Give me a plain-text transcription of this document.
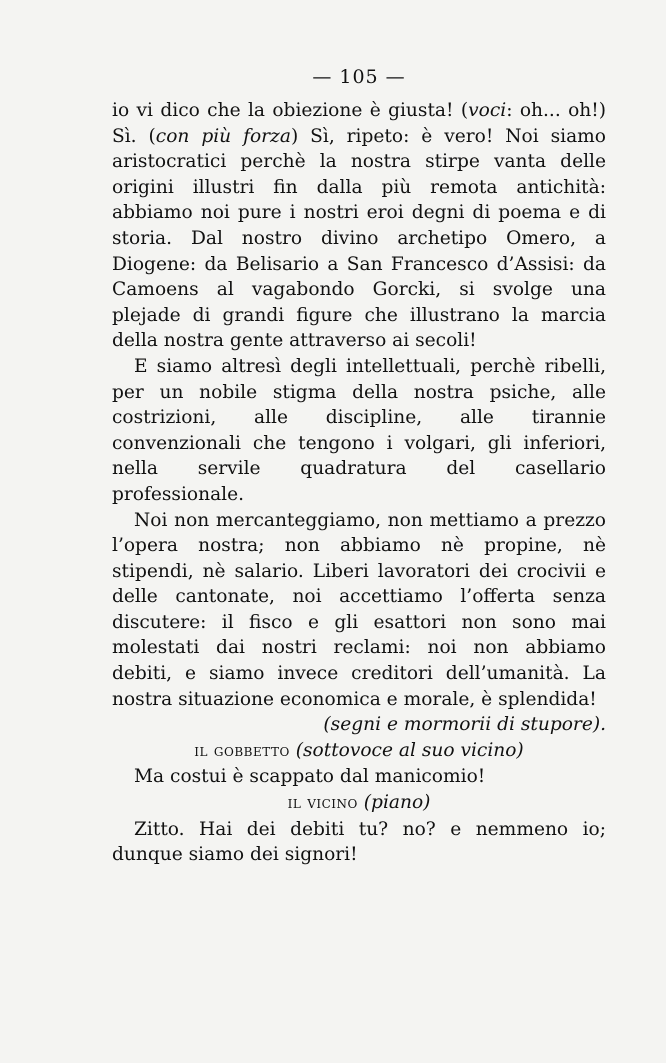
— 105 —

io vi dico che la obiezione è giusta! (voci: oh... oh!) Sì. (con più forza) Sì, ripeto: è vero! Noi siamo aristocratici perchè la nostra stirpe vanta delle origini illustri fin dalla più remota antichità: abbiamo noi pure i nostri eroi degni di poema e di storia. Dal nostro divino archetipo Omero, a Diogene: da Belisario a San Francesco d’Assisi: da Camoens al vagabondo Gorcki, si svolge una plejade di grandi figure che illustrano la marcia della nostra gente attraverso ai secoli!

E siamo altresì degli intellettuali, perchè ribelli, per un nobile stigma della nostra psiche, alle costrizioni, alle discipline, alle tirannie convenzionali che tengono i volgari, gli inferiori, nella servile quadratura del casellario professionale.

Noi non mercanteggiamo, non mettiamo a prezzo l’opera nostra; non abbiamo nè propine, nè stipendi, nè salario. Liberi lavoratori dei crocivii e delle cantonate, noi accettiamo l’offerta senza discutere: il fisco e gli esattori non sono mai molestati dai nostri reclami: noi non abbiamo debiti, e siamo invece creditori dell’umanità. La nostra situazione economica e morale, è splendida!

(segni e mormorii di stupore).

il gobbetto (sottovoce al suo vicino)

Ma costui è scappato dal manicomio!

il vicino (piano)

Zitto. Hai dei debiti tu? no? e nemmeno io; dunque siamo dei signori!
